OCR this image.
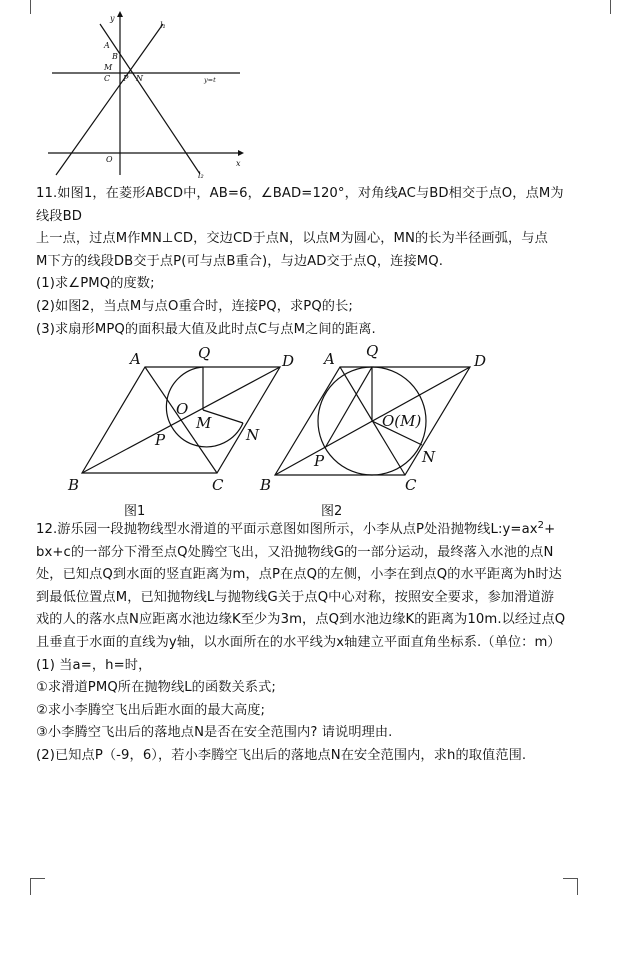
y
l₁
A
B
M
C P N	y=t
O	x
l₂

11.如图1，在菱形ABCD中，AB=6，∠BAD=120°，对角线AC与BD相交于点O，点M为

线段BD

上一点，过点M作MN⊥CD，交边CD于点N，以点M为圆心，MN的长为半径画弧，与点

M下方的线段DB交于点P(可与点B重合)，与边AD交于点Q，连接MQ.

(1)求∠PMQ的度数;

(2)如图2，当点M与点O重合时，连接PQ，求PQ的长;

(3)求扇形MPQ的面积最大值及此时点C与点M之间的距离.

A	Q	D
O
M
P	N
B	C
A Q
D
O(M)
P	N
B	C
图1	图2

12.游乐园一段抛物线型水滑道的平面示意图如图所示，小李从点P处沿抛物线$L:y=ax^2+$

bx+c的一部分下滑至点Q处腾空飞出，又沿抛物线G的一部分运动，最终落入水池的点N

处，已知点Q到水面的竖直距离为m，点P在点Q的左侧，小李在到点Q的水平距离为h时达

到最低位置点M，已知抛物线L与抛物线G关于点Q中心对称，按照安全要求，参加滑道游

戏的人的落水点N应距离水池边缘K至少为3m，点Q到水池边缘K的距离为10m.以经过点Q

且垂直于水面的直线为y轴，以水面所在的水平线为x轴建立平面直角坐标系.（单位：m）

(1) 当a=，h=时，

①求滑道PMQ所在抛物线L的函数关系式;

②求小李腾空飞出后距水面的最大高度;

③小李腾空飞出后的落地点N是否在安全范围内? 请说明理由.

(2)已知点P（-9，6），若小李腾空飞出后的落地点N在安全范围内，求h的取值范围.
